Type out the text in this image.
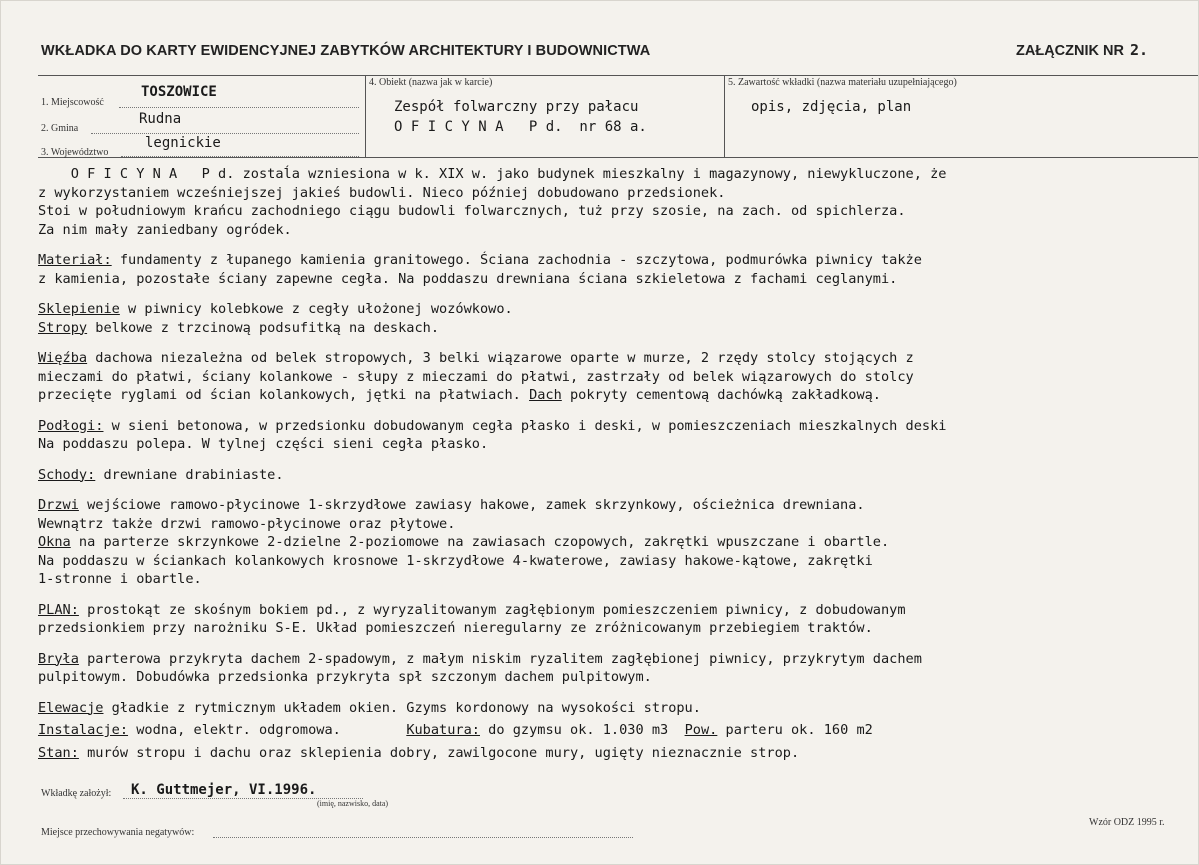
WKŁADKA DO KARTY EWIDENCYJNEJ ZABYTKÓW ARCHITEKTURY I BUDOWNICTWA	ZAŁĄCZNIK NR 2.
1. Miejscowość
TOSZOWICE
2. Gmina
Rudna
3. Województwo
legnickie
4. Obiekt (nazwa jak w karcie)
Zespół folwarczny przy pałacu
O F I C Y N A   P d.  nr 68 a.
5. Zawartość wkładki (nazwa materiału uzupełniającego)
opis, zdjęcia, plan
O F I C Y N A   P d. zostaĺa wzniesiona w k. XIX w. jako budynek mieszkalny i magazynowy, niewykluczone, że
z wykorzystaniem wcześniejszej jakieś budowli. Nieco później dobudowano przedsionek.
Stoi w południowym krańcu zachodniego ciągu budowli folwarcznych, tuż przy szosie, na zach. od spichlerza.
Za nim mały zaniedbany ogródek.
Materiał: fundamenty z łupanego kamienia granitowego. Ściana zachodnia - szczytowa, podmurówka piwnicy także
z kamienia, pozostałe ściany zapewne cegła. Na poddaszu drewniana ściana szkieletowa z fachami ceglanymi.
Sklepienie w piwnicy kolebkowe z cegły ułożonej wozówkowo.
Stropy belkowe z trzcinową podsufitką na deskach.
Więźba dachowa niezależna od belek stropowych, 3 belki wiązarowe oparte w murze, 2 rzędy stolcy stojących z
mieczami do płatwi, ściany kolankowe - słupy z mieczami do płatwi, zastrzały od belek wiązarowych do stolcy
przecięte ryglami od ścian kolankowych, jętki na płatwiach. Dach pokryty cementową dachówką zakładkową.
Podłogi: w sieni betonowa, w przedsionku dobudowanym cegła płasko i deski, w pomieszczeniach mieszkalnych deski
Na poddaszu polepa. W tylnej części sieni cegła płasko.
Schody: drewniane drabiniaste.
Drzwi wejściowe ramowo-płycinowe 1-skrzydłowe zawiasy hakowe, zamek skrzynkowy, ościeżnica drewniana.
Wewnątrz także drzwi ramowo-płycinowe oraz płytowe.
Okna na parterze skrzynkowe 2-dzielne 2-poziomowe na zawiasach czopowych, zakrętki wpuszczane i obartle.
Na poddaszu w ściankach kolankowych krosnowe 1-skrzydłowe 4-kwaterowe, zawiasy hakowe-kątowe, zakrętki
1-stronne i obartle.
PLAN: prostokąt ze skośnym bokiem pd., z wyryzalitowanym zagłębionym pomieszczeniem piwnicy, z dobudowanym
przedsionkiem przy narożniku S-E. Układ pomieszczeń nieregularny ze zróżnicowanym przebiegiem traktów.
Bryła parterowa przykryta dachem 2-spadowym, z małym niskim ryzalitem zagłębionej piwnicy, przykrytym dachem
pulpitowym. Dobudówka przedsionka przykryta spł szczonym dachem pulpitowym.
Elewacje gładkie z rytmicznym układem okien. Gzyms kordonowy na wysokości stropu.
Instalacje: wodna, elektr. odgromowa.	Kubatura: do gzymsu ok. 1.030 m3  Pow. parteru ok. 160 m2
Stan: murów stropu i dachu oraz sklepienia dobry, zawilgocone mury, ugięty nieznacznie strop.
Wkładkę założył: K. Guttmejer, VI.1996.
(imię, nazwisko, data)
Miejsce przechowywania negatywów:
Wzór ODZ 1995 r.
